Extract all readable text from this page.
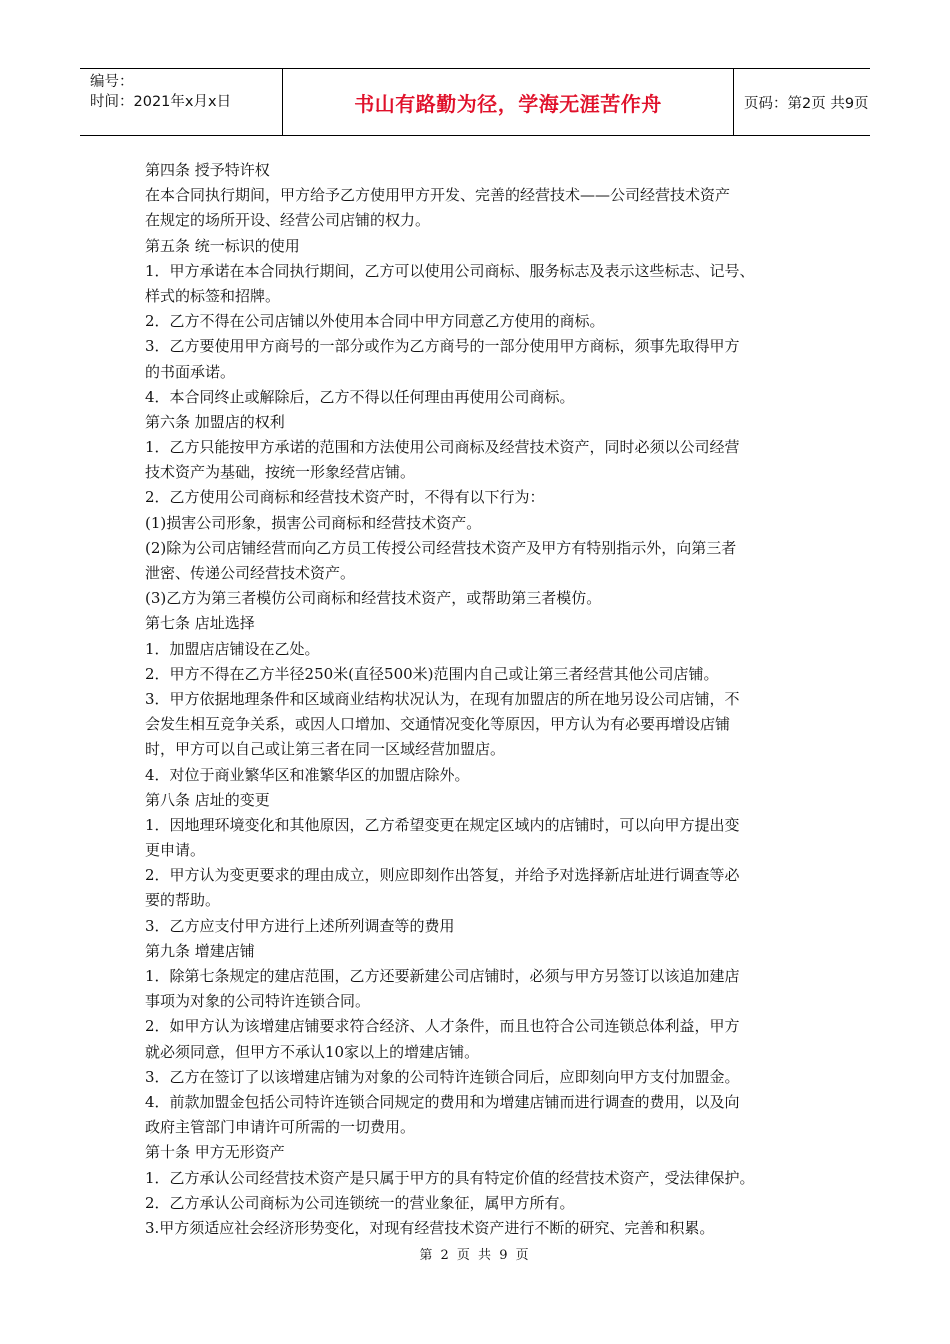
编号：
时间：2021年x月x日	书山有路勤为径，学海无涯苦作舟	页码：第2页 共9页
第四条 授予特许权
在本合同执行期间，甲方给予乙方使用甲方开发、完善的经营技术——公司经营技术资产
在规定的场所开设、经营公司店铺的权力。
第五条 统一标识的使用
1．甲方承诺在本合同执行期间，乙方可以使用公司商标、服务标志及表示这些标志、记号、
样式的标签和招牌。
2．乙方不得在公司店铺以外使用本合同中甲方同意乙方使用的商标。
3．乙方要使用甲方商号的一部分或作为乙方商号的一部分使用甲方商标，须事先取得甲方
的书面承诺。
4．本合同终止或解除后，乙方不得以任何理由再使用公司商标。
第六条 加盟店的权利
1．乙方只能按甲方承诺的范围和方法使用公司商标及经营技术资产，同时必须以公司经营
技术资产为基础，按统一形象经营店铺。
2．乙方使用公司商标和经营技术资产时，不得有以下行为：
(1)损害公司形象，损害公司商标和经营技术资产。
(2)除为公司店铺经营而向乙方员工传授公司经营技术资产及甲方有特别指示外，向第三者
泄密、传递公司经营技术资产。
(3)乙方为第三者模仿公司商标和经营技术资产，或帮助第三者模仿。
第七条 店址选择
1．加盟店店铺设在乙处。
2．甲方不得在乙方半径250米(直径500米)范围内自己或让第三者经营其他公司店铺。
3．甲方依据地理条件和区域商业结构状况认为，在现有加盟店的所在地另设公司店铺，不
会发生相互竞争关系，或因人口增加、交通情况变化等原因，甲方认为有必要再增设店铺
时，甲方可以自己或让第三者在同一区域经营加盟店。
4．对位于商业繁华区和准繁华区的加盟店除外。
第八条 店址的变更
1．因地理环境变化和其他原因，乙方希望变更在规定区域内的店铺时，可以向甲方提出变
更申请。
2．甲方认为变更要求的理由成立，则应即刻作出答复，并给予对选择新店址进行调查等必
要的帮助。
3．乙方应支付甲方进行上述所列调查等的费用
第九条 增建店铺
1．除第七条规定的建店范围，乙方还要新建公司店铺时，必须与甲方另签订以该追加建店
事项为对象的公司特许连锁合同。
2．如甲方认为该增建店铺要求符合经济、人才条件，而且也符合公司连锁总体利益，甲方
就必须同意，但甲方不承认10家以上的增建店铺。
3．乙方在签订了以该增建店铺为对象的公司特许连锁合同后，应即刻向甲方支付加盟金。
4．前款加盟金包括公司特许连锁合同规定的费用和为增建店铺而进行调查的费用，以及向
政府主管部门申请许可所需的一切费用。
第十条 甲方无形资产
1．乙方承认公司经营技术资产是只属于甲方的具有特定价值的经营技术资产，受法律保护。
2．乙方承认公司商标为公司连锁统一的营业象征，属甲方所有。
3.甲方须适应社会经济形势变化，对现有经营技术资产进行不断的研究、完善和积累。
第 2 页 共 9 页
